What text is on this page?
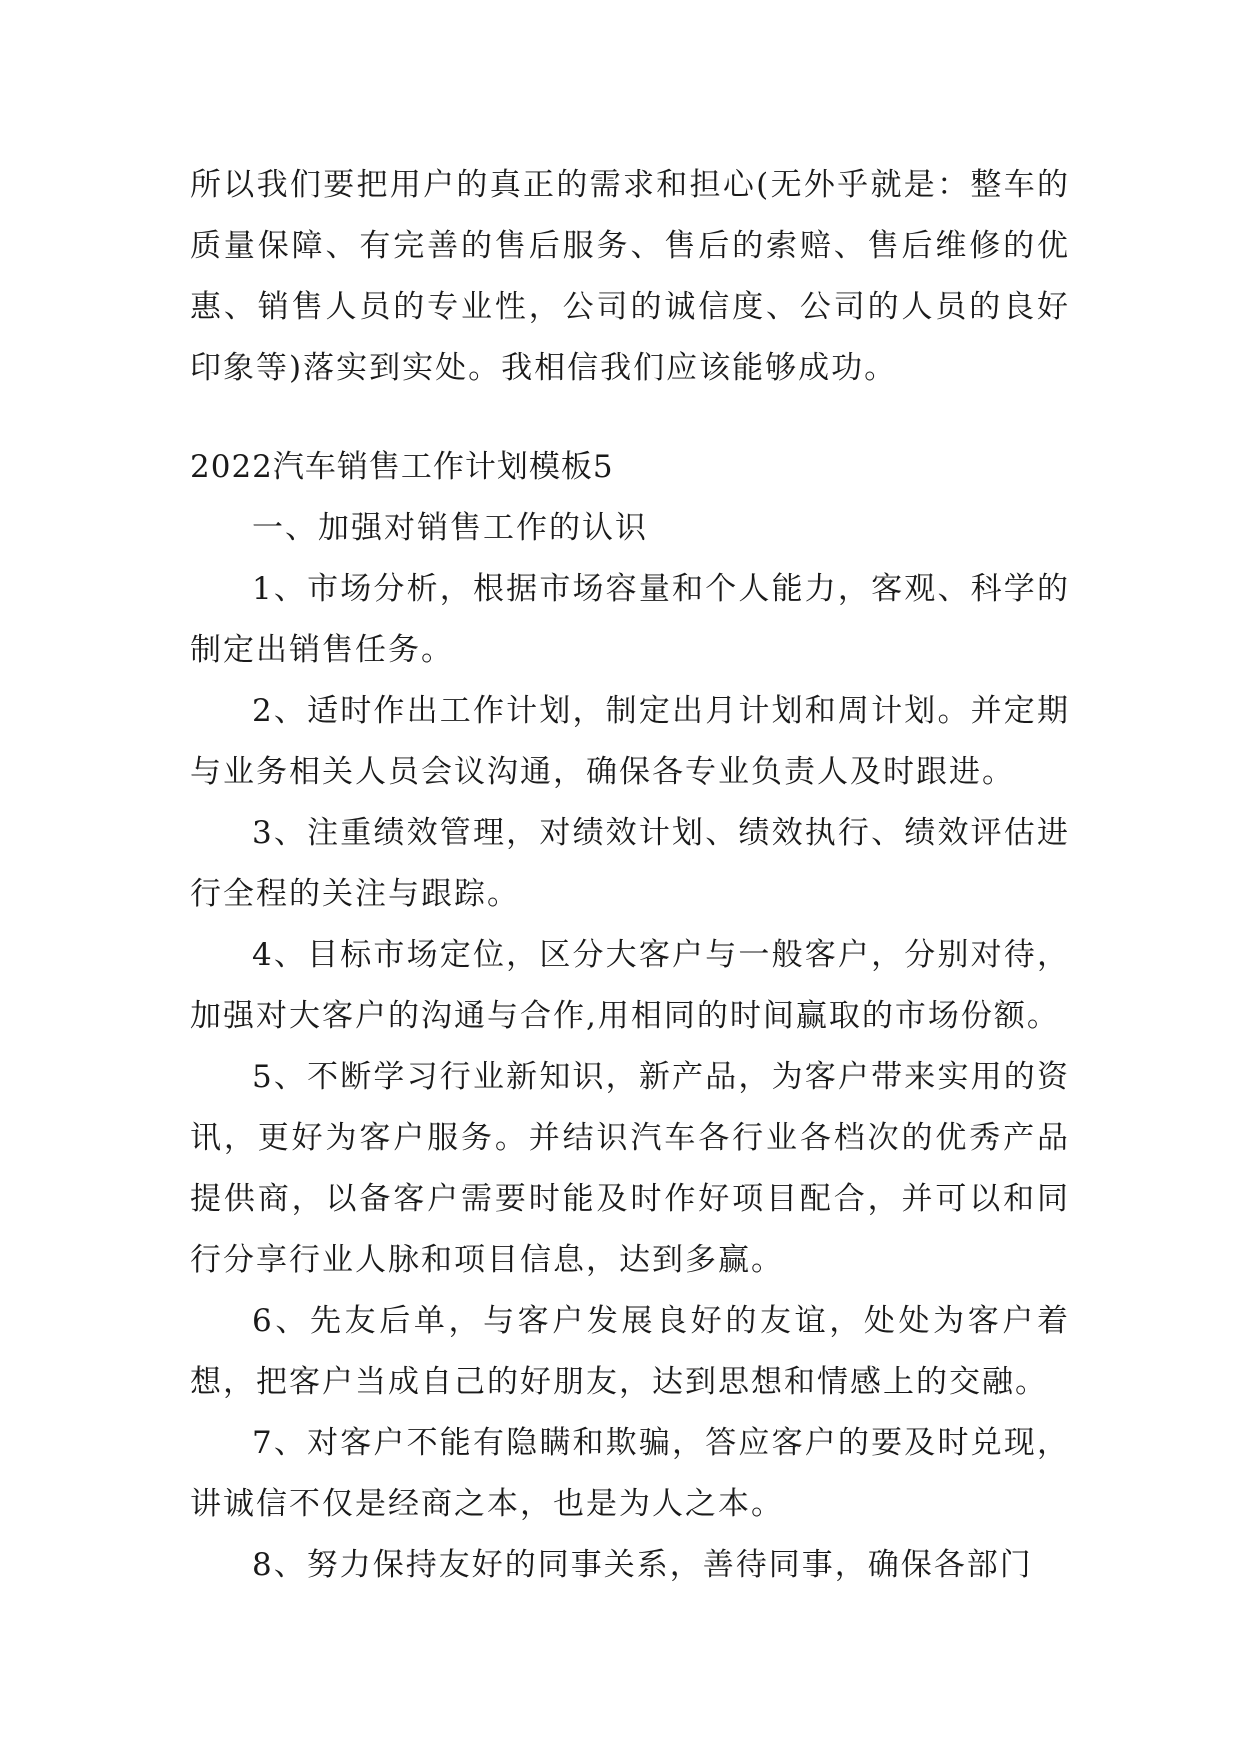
所以我们要把用户的真正的需求和担心(无外乎就是：整车的质量保障、有完善的售后服务、售后的索赔、售后维修的优惠、销售人员的专业性，公司的诚信度、公司的人员的良好印象等)落实到实处。我相信我们应该能够成功。

2022汽车销售工作计划模板5

一、加强对销售工作的认识

1、市场分析，根据市场容量和个人能力，客观、科学的制定出销售任务。

2、适时作出工作计划，制定出月计划和周计划。并定期与业务相关人员会议沟通，确保各专业负责人及时跟进。

3、注重绩效管理，对绩效计划、绩效执行、绩效评估进行全程的关注与跟踪。

4、目标市场定位，区分大客户与一般客户，分别对待，加强对大客户的沟通与合作,用相同的时间赢取的市场份额。

5、不断学习行业新知识，新产品，为客户带来实用的资讯，更好为客户服务。并结识汽车各行业各档次的优秀产品提供商，以备客户需要时能及时作好项目配合，并可以和同行分享行业人脉和项目信息，达到多赢。

6、先友后单，与客户发展良好的友谊，处处为客户着想，把客户当成自己的好朋友，达到思想和情感上的交融。

7、对客户不能有隐瞒和欺骗，答应客户的要及时兑现，讲诚信不仅是经商之本，也是为人之本。

8、努力保持友好的同事关系，善待同事，确保各部门
